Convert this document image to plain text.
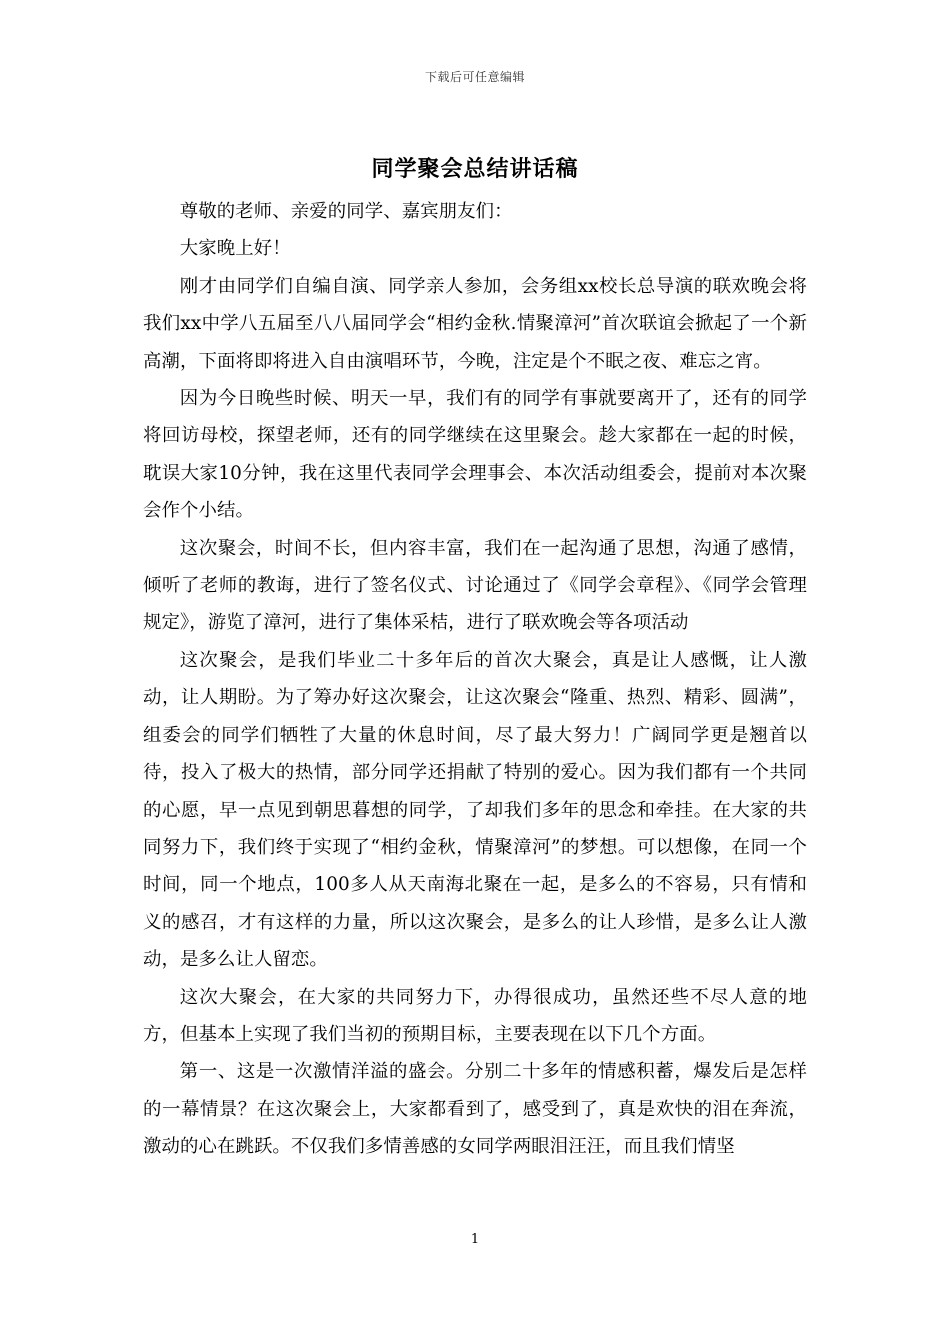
下载后可任意编辑
同学聚会总结讲话稿

尊敬的老师、亲爱的同学、嘉宾朋友们：

大家晚上好！

刚才由同学们自编自演、同学亲人参加，会务组xx校长总导演的联欢晚会将我们xx中学八五届至八八届同学会“相约金秋.情聚漳河”首次联谊会掀起了一个新高潮，下面将即将进入自由演唱环节，今晚，注定是个不眠之夜、难忘之宵。

因为今日晚些时候、明天一早，我们有的同学有事就要离开了，还有的同学将回访母校，探望老师，还有的同学继续在这里聚会。趁大家都在一起的时候，耽误大家10分钟，我在这里代表同学会理事会、本次活动组委会，提前对本次聚会作个小结。

这次聚会，时间不长，但内容丰富，我们在一起沟通了思想，沟通了感情，倾听了老师的教诲，进行了签名仪式、讨论通过了《同学会章程》、《同学会管理规定》，游览了漳河，进行了集体采桔，进行了联欢晚会等各项活动

这次聚会，是我们毕业二十多年后的首次大聚会，真是让人感慨，让人激动，让人期盼。为了筹办好这次聚会，让这次聚会“隆重、热烈、精彩、圆满”，组委会的同学们牺牲了大量的休息时间，尽了最大努力！广阔同学更是翘首以待，投入了极大的热情，部分同学还捐献了特别的爱心。因为我们都有一个共同的心愿，早一点见到朝思暮想的同学，了却我们多年的思念和牵挂。在大家的共同努力下，我们终于实现了“相约金秋，情聚漳河”的梦想。可以想像，在同一个时间，同一个地点，100多人从天南海北聚在一起，是多么的不容易，只有情和义的感召，才有这样的力量，所以这次聚会，是多么的让人珍惜，是多么让人激动，是多么让人留恋。

这次大聚会，在大家的共同努力下，办得很成功，虽然还些不尽人意的地方，但基本上实现了我们当初的预期目标，主要表现在以下几个方面。

第一、这是一次激情洋溢的盛会。分别二十多年的情感积蓄，爆发后是怎样的一幕情景？在这次聚会上，大家都看到了，感受到了，真是欢快的泪在奔流，激动的心在跳跃。不仅我们多情善感的女同学两眼泪汪汪，而且我们情坚

1
